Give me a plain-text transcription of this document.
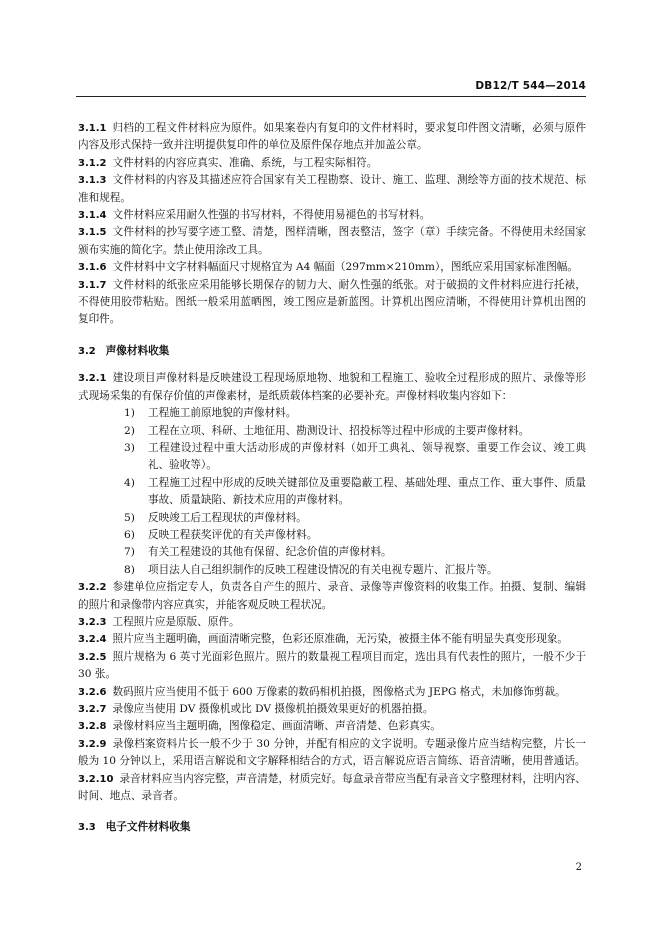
DB12/T 544—2014

3.1.1 归档的工程文件材料应为原件。如果案卷内有复印的文件材料时，要求复印件图文清晰，必须与原件内容及形式保持一致并注明提供复印件的单位及原件保存地点并加盖公章。

3.1.2 文件材料的内容应真实、准确、系统，与工程实际相符。

3.1.3 文件材料的内容及其描述应符合国家有关工程勘察、设计、施工、监理、测绘等方面的技术规范、标准和规程。

3.1.4 文件材料应采用耐久性强的书写材料，不得使用易褪色的书写材料。

3.1.5 文件材料的抄写要字迹工整、清楚，图样清晰，图表整洁，签字（章）手续完备。不得使用未经国家颁布实施的简化字。禁止使用涂改工具。

3.1.6 文件材料中文字材料幅面尺寸规格宜为 A4 幅面（297mm×210mm），图纸应采用国家标准图幅。

3.1.7 文件材料的纸张应采用能够长期保存的韧力大、耐久性强的纸张。对于破损的文件材料应进行托裱，不得使用胶带粘贴。图纸一般采用蓝晒图，竣工图应是新蓝图。计算机出图应清晰，不得使用计算机出图的复印件。

3.2 声像材料收集

3.2.1 建设项目声像材料是反映建设工程现场原地物、地貌和工程施工、验收全过程形成的照片、录像等形式现场采集的有保存价值的声像素材，是纸质载体档案的必要补充。声像材料收集内容如下：

1) 工程施工前原地貌的声像材料。
2) 工程在立项、科研、土地征用、勘测设计、招投标等过程中形成的主要声像材料。
3) 工程建设过程中重大活动形成的声像材料（如开工典礼、领导视察、重要工作会议、竣工典礼、验收等）。
4) 工程施工过程中形成的反映关键部位及重要隐蔽工程、基础处理、重点工作、重大事件、质量事故、质量缺陷、新技术应用的声像材料。
5) 反映竣工后工程现状的声像材料。
6) 反映工程获奖评优的有关声像材料。
7) 有关工程建设的其他有保留、纪念价值的声像材料。
8) 项目法人自己组织制作的反映工程建设情况的有关电视专题片、汇报片等。

3.2.2 参建单位应指定专人，负责各自产生的照片、录音、录像等声像资料的收集工作。拍摄、复制、编辑的照片和录像带内容应真实，并能客观反映工程状况。

3.2.3 工程照片应是原版、原件。

3.2.4 照片应当主题明确，画面清晰完整，色彩还原准确，无污染，被摄主体不能有明显失真变形现象。

3.2.5 照片规格为 6 英寸光面彩色照片。照片的数量视工程项目而定，选出具有代表性的照片，一般不少于 30 张。

3.2.6 数码照片应当使用不低于 600 万像素的数码相机拍摄，图像格式为 JEPG 格式，未加修饰剪裁。

3.2.7 录像应当使用 DV 摄像机或比 DV 摄像机拍摄效果更好的机器拍摄。

3.2.8 录像材料应当主题明确，图像稳定、画面清晰、声音清楚、色彩真实。

3.2.9 录像档案资料片长一般不少于 30 分钟，并配有相应的文字说明。专题录像片应当结构完整，片长一般为 10 分钟以上，采用语言解说和文字解释相结合的方式，语言解说应语言简练、语音清晰，使用普通话。

3.2.10 录音材料应当内容完整，声音清楚，材质完好。每盒录音带应当配有录音文字整理材料，注明内容、时间、地点、录音者。

3.3 电子文件材料收集

2
